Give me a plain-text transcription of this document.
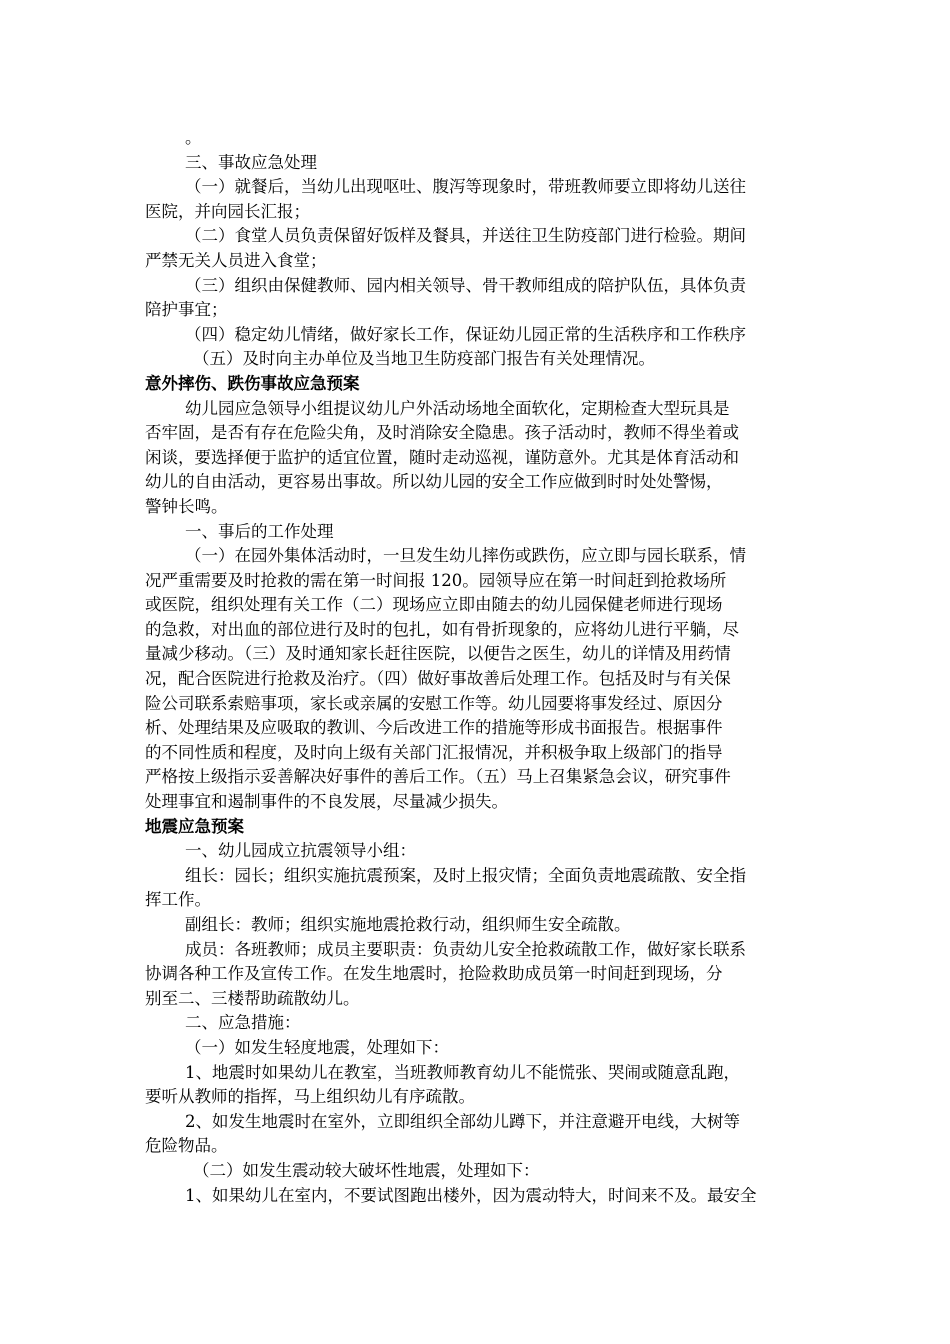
。
三、事故应急处理
（一）就餐后，当幼儿出现呕吐、腹泻等现象时，带班教师要立即将幼儿送往
医院，并向园长汇报；
（二）食堂人员负责保留好饭样及餐具，并送往卫生防疫部门进行检验。期间
严禁无关人员进入食堂；
（三）组织由保健教师、园内相关领导、骨干教师组成的陪护队伍，具体负责
陪护事宜；
（四）稳定幼儿情绪，做好家长工作，保证幼儿园正常的生活秩序和工作秩序
（五）及时向主办单位及当地卫生防疫部门报告有关处理情况。
意外摔伤、跌伤事故应急预案
幼儿园应急领导小组提议幼儿户外活动场地全面软化，定期检查大型玩具是
否牢固，是否有存在危险尖角，及时消除安全隐患。孩子活动时，教师不得坐着或
闲谈，要选择便于监护的适宜位置，随时走动巡视，谨防意外。尤其是体育活动和
幼儿的自由活动，更容易出事故。所以幼儿园的安全工作应做到时时处处警惕，
警钟长鸣。
一、事后的工作处理
（一）在园外集体活动时，一旦发生幼儿摔伤或跌伤，应立即与园长联系，情
况严重需要及时抢救的需在第一时间报 120。园领导应在第一时间赶到抢救场所
或医院，组织处理有关工作（二）现场应立即由随去的幼儿园保健老师进行现场
的急救，对出血的部位进行及时的包扎，如有骨折现象的，应将幼儿进行平躺，尽
量减少移动。（三）及时通知家长赶往医院，以便告之医生，幼儿的详情及用药情
况，配合医院进行抢救及治疗。（四）做好事故善后处理工作。包括及时与有关保
险公司联系索赔事项，家长或亲属的安慰工作等。幼儿园要将事发经过、原因分
析、处理结果及应吸取的教训、今后改进工作的措施等形成书面报告。根据事件
的不同性质和程度，及时向上级有关部门汇报情况，并积极争取上级部门的指导
严格按上级指示妥善解决好事件的善后工作。（五）马上召集紧急会议，研究事件
处理事宜和遏制事件的不良发展，尽量减少损失。
地震应急预案
一、幼儿园成立抗震领导小组：
组长：园长；组织实施抗震预案，及时上报灾情；全面负责地震疏散、安全指
挥工作。
副组长：教师；组织实施地震抢救行动，组织师生安全疏散。
成员：各班教师；成员主要职责：负责幼儿安全抢救疏散工作，做好家长联系
协调各种工作及宣传工作。在发生地震时，抢险救助成员第一时间赶到现场，分
别至二、三楼帮助疏散幼儿。
二、应急措施：
（一）如发生轻度地震，处理如下：
1、地震时如果幼儿在教室，当班教师教育幼儿不能慌张、哭闹或随意乱跑，
要听从教师的指挥，马上组织幼儿有序疏散。
2、如发生地震时在室外，立即组织全部幼儿蹲下，并注意避开电线，大树等
危险物品。
（二）如发生震动较大破坏性地震，处理如下：
1、如果幼儿在室内，不要试图跑出楼外，因为震动特大，时间来不及。最安全
